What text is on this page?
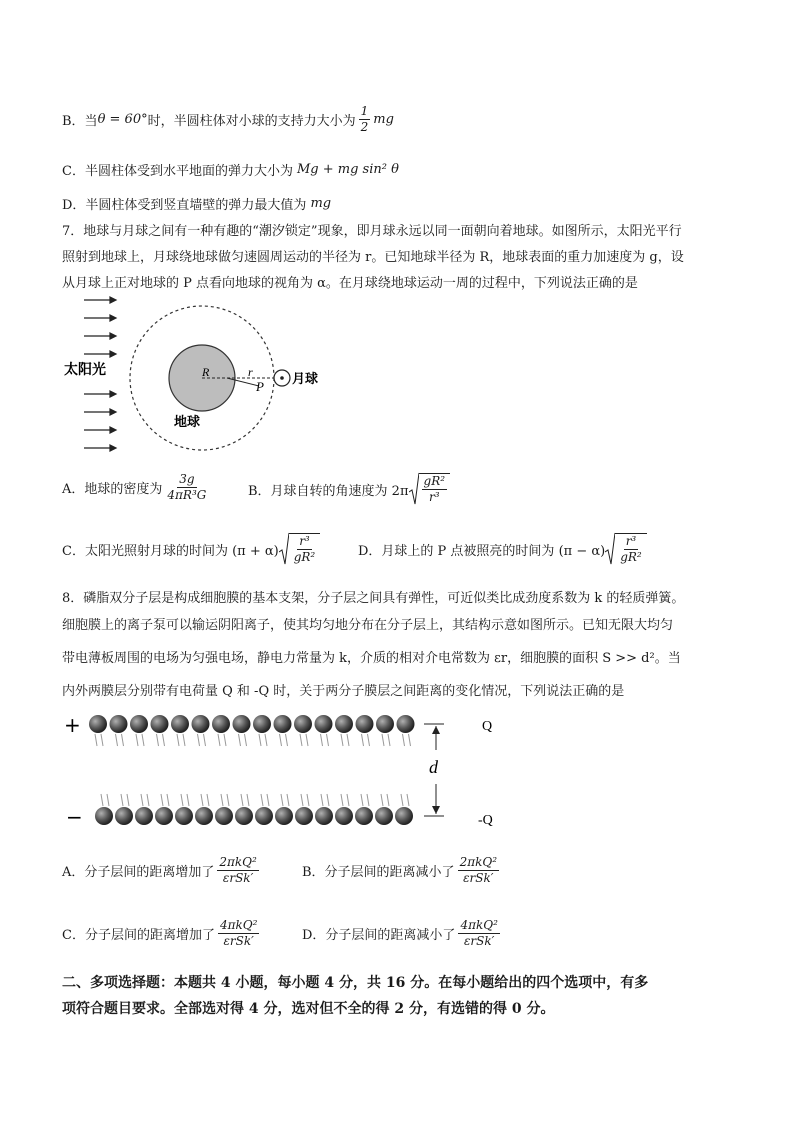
B．当 θ = 60° 时，半圆柱体对小球的支持力大小为 $\frac{1}{2}$ mg
C．半圆柱体受到水平地面的弹力大小为 Mg + mg sin² θ
D．半圆柱体受到竖直墙壁的弹力最大值为 mg
7．地球与月球之间有一种有趣的“潮汐锁定”现象，即月球永远以同一面朝向着地球。如图所示，太阳光平行
照射到地球上，月球绕地球做匀速圆周运动的半径为 r。已知地球半径为 R，地球表面的重力加速度为 g，设
从月球上正对地球的 P 点看向地球的视角为 α。在月球绕地球运动一周的过程中，下列说法正确的是
R	r
P
太阳光
地球
月球
A．地球的密度为 $\frac{3g}{\text{4πR³G}}$	B．月球自转的角速度为 $2\pi \frac{\text{gR²}}{\text{r³}}$
C．太阳光照射月球的时间为 $(\pi + \alpha) \frac{\text{r³}}{\text{gR²}}$	D．月球上的 P 点被照亮的时间为 $(\pi - \alpha) \frac{\text{r³}}{\text{gR²}}$
8．磷脂双分子层是构成细胞膜的基本支架，分子层之间具有弹性，可近似类比成劲度系数为 k 的轻质弹簧。
细胞膜上的离子泵可以输运阴阳离子，使其均匀地分布在分子层上，其结构示意如图所示。已知无限大均匀
带电薄板周围的电场为匀强电场，静电力常量为 k，介质的相对介电常数为 εr，细胞膜的面积 S >> d²。当
内外两膜层分别带有电荷量 Q 和 -Q 时，关于两分子膜层之间距离的变化情况，下列说法正确的是
+
−
d
Q
-Q
A．分子层间的距离增加了 $\frac{\text{2πkQ²}}{\text{εrSk′}}$	B．分子层间的距离减小了 $\frac{\text{2πkQ²}}{\text{εrSk′}}$
C．分子层间的距离增加了 $\frac{\text{4πkQ²}}{\text{εrSk′}}$	D．分子层间的距离减小了 $\frac{\text{4πkQ²}}{\text{εrSk′}}$
二、多项选择题：本题共 4 小题，每小题 4 分，共 16 分。在每小题给出的四个选项中，有多
项符合题目要求。全部选对得 4 分，选对但不全的得 2 分，有选错的得 0 分。
